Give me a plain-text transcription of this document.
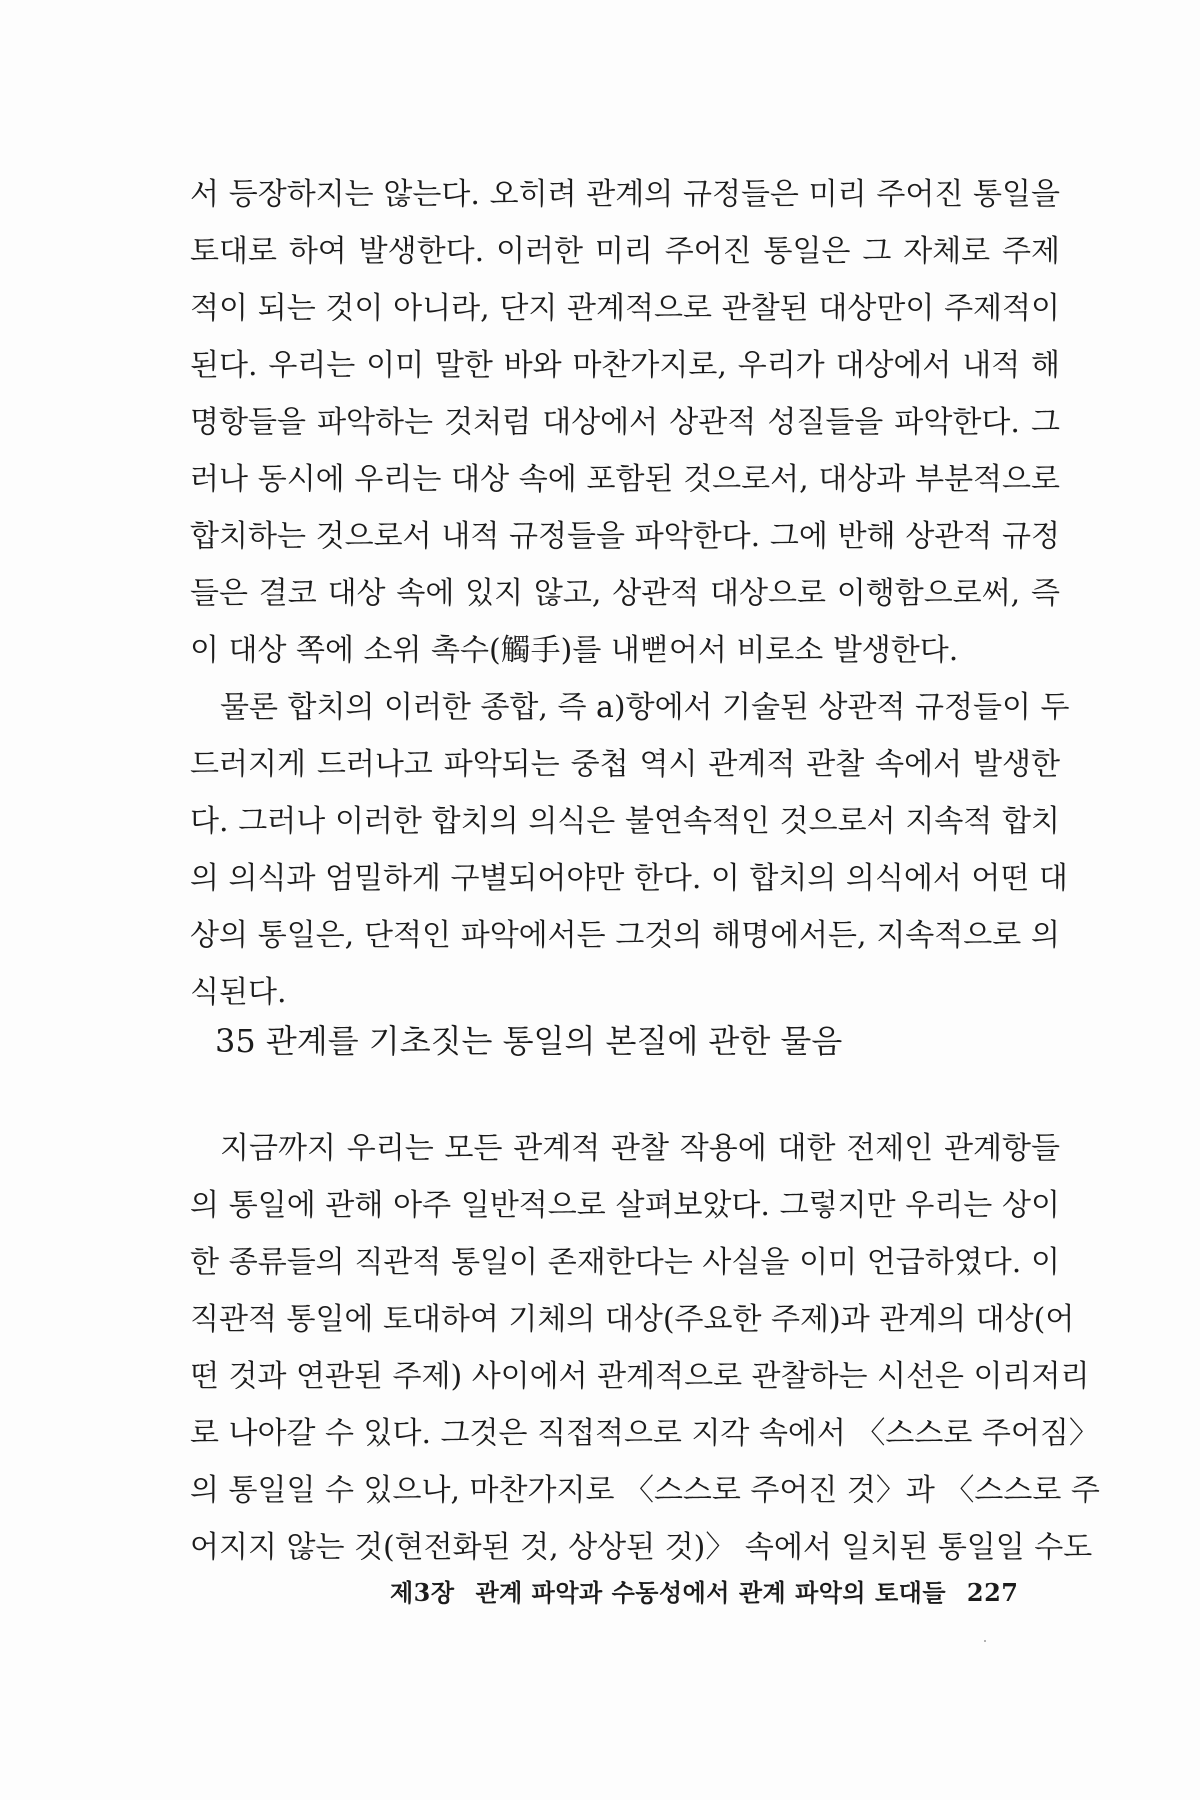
서 등장하지는 않는다. 오히려 관계의 규정들은 미리 주어진 통일을
토대로 하여 발생한다. 이러한 미리 주어진 통일은 그 자체로 주제
적이 되는 것이 아니라, 단지 관계적으로 관찰된 대상만이 주제적이
된다. 우리는 이미 말한 바와 마찬가지로, 우리가 대상에서 내적 해
명항들을 파악하는 것처럼 대상에서 상관적 성질들을 파악한다. 그
러나 동시에 우리는 대상 속에 포함된 것으로서, 대상과 부분적으로
합치하는 것으로서 내적 규정들을 파악한다. 그에 반해 상관적 규정
들은 결코 대상 속에 있지 않고, 상관적 대상으로 이행함으로써, 즉
이 대상 쪽에 소위 촉수(觸手)를 내뻗어서 비로소 발생한다.
물론 합치의 이러한 종합, 즉 a)항에서 기술된 상관적 규정들이 두
드러지게 드러나고 파악되는 중첩 역시 관계적 관찰 속에서 발생한
다. 그러나 이러한 합치의 의식은 불연속적인 것으로서 지속적 합치
의 의식과 엄밀하게 구별되어야만 한다. 이 합치의 의식에서 어떤 대
상의 통일은, 단적인 파악에서든 그것의 해명에서든, 지속적으로 의
식된다.
35 관계를 기초짓는 통일의 본질에 관한 물음
지금까지 우리는 모든 관계적 관찰 작용에 대한 전제인 관계항들
의 통일에 관해 아주 일반적으로 살펴보았다. 그렇지만 우리는 상이
한 종류들의 직관적 통일이 존재한다는 사실을 이미 언급하였다. 이
직관적 통일에 토대하여 기체의 대상(주요한 주제)과 관계의 대상(어
떤 것과 연관된 주제) 사이에서 관계적으로 관찰하는 시선은 이리저리
로 나아갈 수 있다. 그것은 직접적으로 지각 속에서 〈스스로 주어짐〉
의 통일일 수 있으나, 마찬가지로 〈스스로 주어진 것〉과 〈스스로 주
어지지 않는 것(현전화된 것, 상상된 것)〉 속에서 일치된 통일일 수도
제3장 관계 파악과 수동성에서 관계 파악의 토대들 227
